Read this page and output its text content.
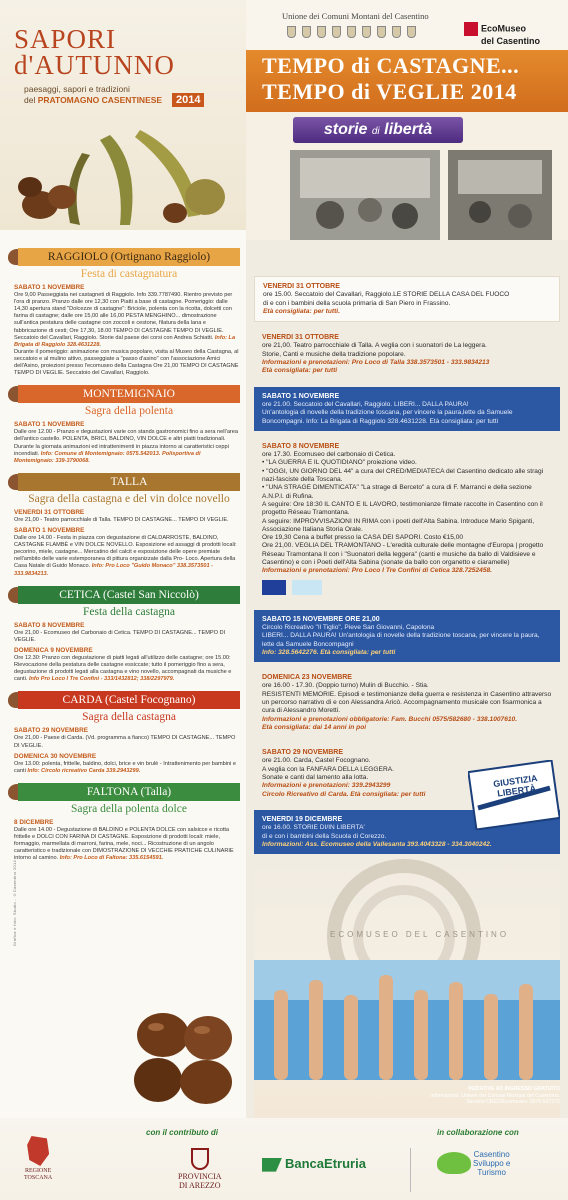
SAPORI
d'AUTUNNO
paesaggi, sapori e tradizioni
del PRATOMAGNO CASENTINESE	2014
Unione dei Comuni Montani del Casentino
EcoMuseo
del Casentino
TEMPO di CASTAGNE...
TEMPO di VEGLIE 2014
storie di libertà
RAGGIOLO (Ortignano Raggiolo)
Festa di castagnatura
SABATO 1 NOVEMBRE
Ore 9,00 Passeggiata nei castagneti di Raggiolo. Info 339.7787490. Rientro previsto per l'ora di pranzo. Pranzo dalle ore 12,30 con Piatti a base di castagne. Pomeriggio: dalle 14,30 apertura stand "Dolcezze di castagne": Briciole, polenta con la ricotta, dolcetti con farina di castagne; dalle ore 15,00 alle 16,00 PESTA MENGHINO... dimostrazione sull'antica pestatura delle castagne con zoccoli e cestone, filatura della lana e fabbricazione di cesti; Ore 17,30, 18.00 TEMPO DI CASTAGNE TEMPO DI VEGLIE. Seccatoio del Cavallari, Raggiolo. Storie dal paese dei corsi con Andrea Schiatti. Info: La Brigata di Raggiolo 328.4631228.
Durante il pomeriggio: animazione con musica popolare, visita al Museo della Castagna, al seccatoio e al mulino attivo, passeggiate a "passo d'asino" con l'associazione Amici dell'Asino, proiezioni presso l'ecomuseo della Castagna Ore 21,00 TEMPO DI CASTAGNE TEMPO DI VEGLIE. Seccatoio del Cavallari, Raggiolo.
MONTEMIGNAIO
Sagra della polenta
SABATO 1 NOVEMBRE
Dalle ore 12.00 - Pranzo e degustazioni varie con stands gastronomici fino a sera nell'area dell'antico castello. POLENTA, BRICI, BALDINO, VIN DOLCE e altri piatti tradizionali. Durante la giornata animazioni ed intrattenimenti in piazza intorno ai caratteristici ceppi incendiati. Info: Comune di Montemignaio: 0575.542013. Polisportiva di Montemignaio: 339-3790068.
TALLA
Sagra della castagna e del vin dolce novello
VENERDI 31 OTTOBRE
Ore 21,00 - Teatro parrocchiale di Talla. TEMPO DI CASTAGNE... TEMPO DI VEGLIE.
SABATO 1 NOVEMBRE
Dalle ore 14.00 - Festa in piazza con degustazione di CALDARROSTE, BALDINO, CASTAGNE FLAMBÉ e VIN DOLCE NOVELLO. Esposizione ed assaggi di prodotti locali: pecorino, miele, castagne... Mercatino del calcit e esposizione delle opere premiate nell'ambito delle varie estemporanea di pittura organizzate dalla Pro- Loco. Apertura della Casa Natale di Guido Monaco. Info: Pro Loco "Guido Monaco" 338.3573501 - 333.9834213.
CETICA (Castel San Niccolò)
Festa della castagna
SABATO 8 NOVEMBRE
Ore 21,00 - Ecomuseo del Carbonaio di Cetica. TEMPO DI CASTAGNE... TEMPO DI VEGLIE.
DOMENICA 9 NOVEMBRE
Ore 12.30: Pranzo con degustazione di piatti legati all'utilizzo delle castagne; ore 15.00: Rievocazione della pestatura delle castagne essiccate; tutto il pomeriggio fino a sera, degustazione di prodotti legati alla castagna e vino novello, accompagnati da musiche e canti. Info Pro Loco I Tre Confini - 333/1432812; 338/2297979.
CARDA (Castel Focognano)
Sagra della castagna
SABATO 29 NOVEMBRE
Ore 21,00 - Paese di Carda. (Vd. programma a fianco) TEMPO DI CASTAGNE... TEMPO DI VEGLIE.
DOMENICA 30 NOVEMBRE
Ore 13.00: polenta, frittelle, baldino, dolci, brice e vin brulè - Intrattenimento per bambini e canti Info: Circolo ricreativo Carda 339.2943299.
FALTONA (Talla)
Sagra della polenta dolce
8 DICEMBRE
Dalle ore 14.00 - Degustazione di BALDINO e POLENTA DOLCE con salsicce e ricotta frittelle e DOLCI CON FARINA DI CASTAGNE. Esposizione di prodotti locali: miele, formaggio, marmellata di marroni, farina, mele, noci... Ricostruzione di un angolo caratteristico e tradizionale con DIMOSTRAZIONE DI VECCHIE PRATICHE CULINARIE intorno al camino. Info: Pro Loco di Faltona: 335.6154591.
VENERDI 31 OTTOBRE
ore 15.00. Seccatoio del Cavallari, Raggiolo.LE STORIE DELLA CASA DEL FUOCO
di e con i bambini della scuola primaria di San Piero in Frassino.
Età consigliata: per tutti.
VENERDI 31 OTTOBRE
ore 21,00. Teatro parrocchiale di Talla. A veglia con i suonatori de La leggera.
Storie, Canti e musiche della tradizione popolare.
Informazioni e prenotazioni: Pro Loco di Talla 338.3573501 - 333.9834213
Età consigliata: per tutti
SABATO 1 NOVEMBRE
ore 21.00. Seccatoio del Cavallari, Raggiolo. LIBERI... DALLA PAURA!
Un'antologia di novelle della tradizione toscana, per vincere la paura,lette da Samuele Boncompagni. Info: La Brigata di Raggiolo 328.4631228. Età consigliata: per tutti
SABATO 8 NOVEMBRE
ore 17.30. Ecomuseo del carbonaio di Cetica.
• "LA GUERRA E IL QUOTIDIANO" proiezione video.
• "OGGI, UN GIORNO DEL 44" a cura del CRED/MEDIATECA del Casentino dedicato alle stragi nazi-fasciste della Toscana.
• "UNA STRAGE DIMENTICATA" "La strage di Berceto" a cura di F. Marranci e della sezione A.N.P.I. di Rufina.
A seguire: Ore 18:30 IL CANTO E IL LAVORO, testimonianze filmate raccolte in Casentino con il progetto Réseau Tramontana.
A seguire: IMPROVVISAZIONI IN RIMA con i poeti dell'Alta Sabina. Introduce Mario Spiganti, Associazione Italiana Storia Orale.
Ore 19,30 Cena a buffet presso la CASA DEI SAPORI. Costo €15,00
Ore 21,00. VEGLIA DEL TRAMONTANO - L'eredità culturale delle montagne d'Europa | progetto Réseau Tramontana Il con i "Suonatori della leggera" (canti e musiche da ballo di Valdisieve e Casentino) e con i Poeti dell'Alta Sabina (sonate da ballo con organetto e ciaramelle)
Informazioni e prenotazioni: Pro Loco I Tre Confini di Cetica 328.7252458.
SABATO 15 NOVEMBRE ORE 21,00
Circolo Ricreativo "Il Tiglio", Pieve San Giovanni, Capolona
LIBERI... DALLA PAURA! Un'antologia di novelle della tradizione toscana, per vincere la paura, lette da Samuele Boncompagni
Info: 328.5642276. Età consigliata: per tutti
DOMENICA 23 NOVEMBRE
ore 16.00 - 17.30. (Doppio turno) Mulin di Bucchio. - Stia.
RESISTENTI MEMORIE. Episodi e testimonianze della guerra e resistenza in Casentino attraverso un percorso narrativo di e con Alessandra Aricò. Accompagnamento musicale con fisarmonica a cura di Alessandro Moretti.
Informazioni e prenotazioni obbligatorie: Fam. Bucchi 0575/582680 - 338.1007610.
Età consigliata: dai 14 anni in poi
SABATO 29 NOVEMBRE
ore 21.00. Carda, Castel Focognano.
A veglia con la FANFARA DELLA LEGGERA.
Sonate e canti dal lamento alla lotta.
Informazioni e prenotazioni: 339.2943299
Circolo Ricreativo di Carda. Età consigliata: per tutti
VENERDI 19 DICEMBRE
ore 16.00. STORIE DI/IN LIBERTA'
di e con i bambini della Scuola di Corezzo.
Informazioni: Ass. Ecomuseo della Vallesanta 393.4043328 - 334.3040242.
GIUSTIZIA LIBERTÀ
ECOMUSEO DEL CASENTINO
INIZIATIVE AD INGRESSO GRATUITO
Informazioni: Unione dei Comuni Montani del Casentino.
Servizio CRED/Ecomuseo: 0575.507272
Grafica e foto: Studio - ©Casentino 2014
con il contributo di	in collaborazione con
REGIONE
TOSCANA	PROVINCIA
DI AREZZO
BancaEtruria
Casentino
Sviluppo e
Turismo
